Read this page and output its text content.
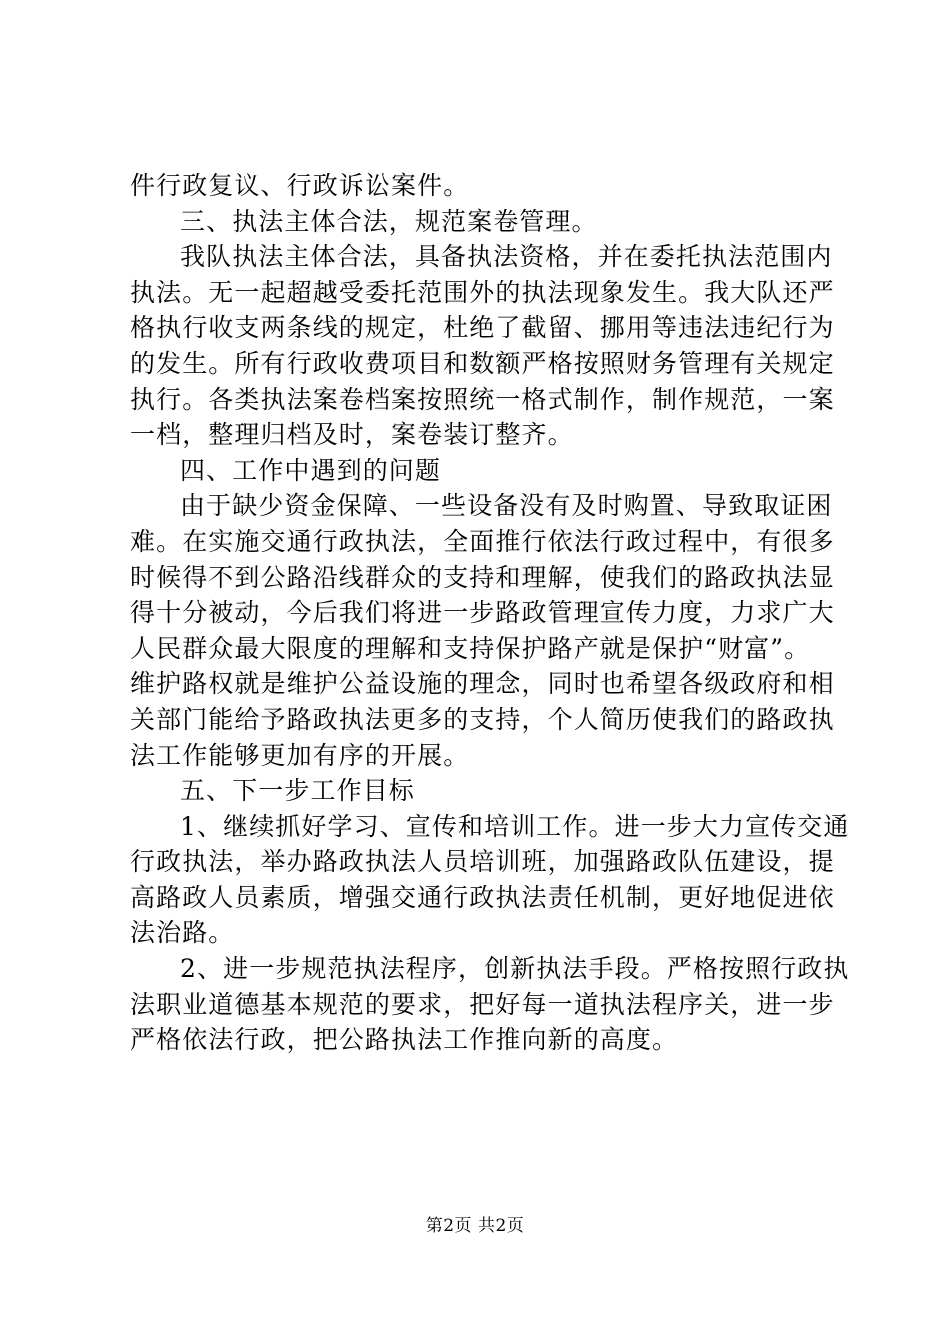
件行政复议、行政诉讼案件。
三、执法主体合法，规范案卷管理。
我队执法主体合法，具备执法资格，并在委托执法范围内
执法。无一起超越受委托范围外的执法现象发生。我大队还严
格执行收支两条线的规定，杜绝了截留、挪用等违法违纪行为
的发生。所有行政收费项目和数额严格按照财务管理有关规定
执行。各类执法案卷档案按照统一格式制作，制作规范，一案
一档，整理归档及时，案卷装订整齐。
四、工作中遇到的问题
由于缺少资金保障、一些设备没有及时购置、导致取证困
难。在实施交通行政执法，全面推行依法行政过程中，有很多
时候得不到公路沿线群众的支持和理解，使我们的路政执法显
得十分被动，今后我们将进一步路政管理宣传力度，力求广大
人民群众最大限度的理解和支持保护路产就是保护“财富”。
维护路权就是维护公益设施的理念，同时也希望各级政府和相
关部门能给予路政执法更多的支持，个人简历使我们的路政执
法工作能够更加有序的开展。
五、下一步工作目标
1、继续抓好学习、宣传和培训工作。进一步大力宣传交通
行政执法，举办路政执法人员培训班，加强路政队伍建设，提
高路政人员素质，增强交通行政执法责任机制，更好地促进依
法治路。
2、进一步规范执法程序，创新执法手段。严格按照行政执
法职业道德基本规范的要求，把好每一道执法程序关，进一步
严格依法行政，把公路执法工作推向新的高度。
第2页 共2页
